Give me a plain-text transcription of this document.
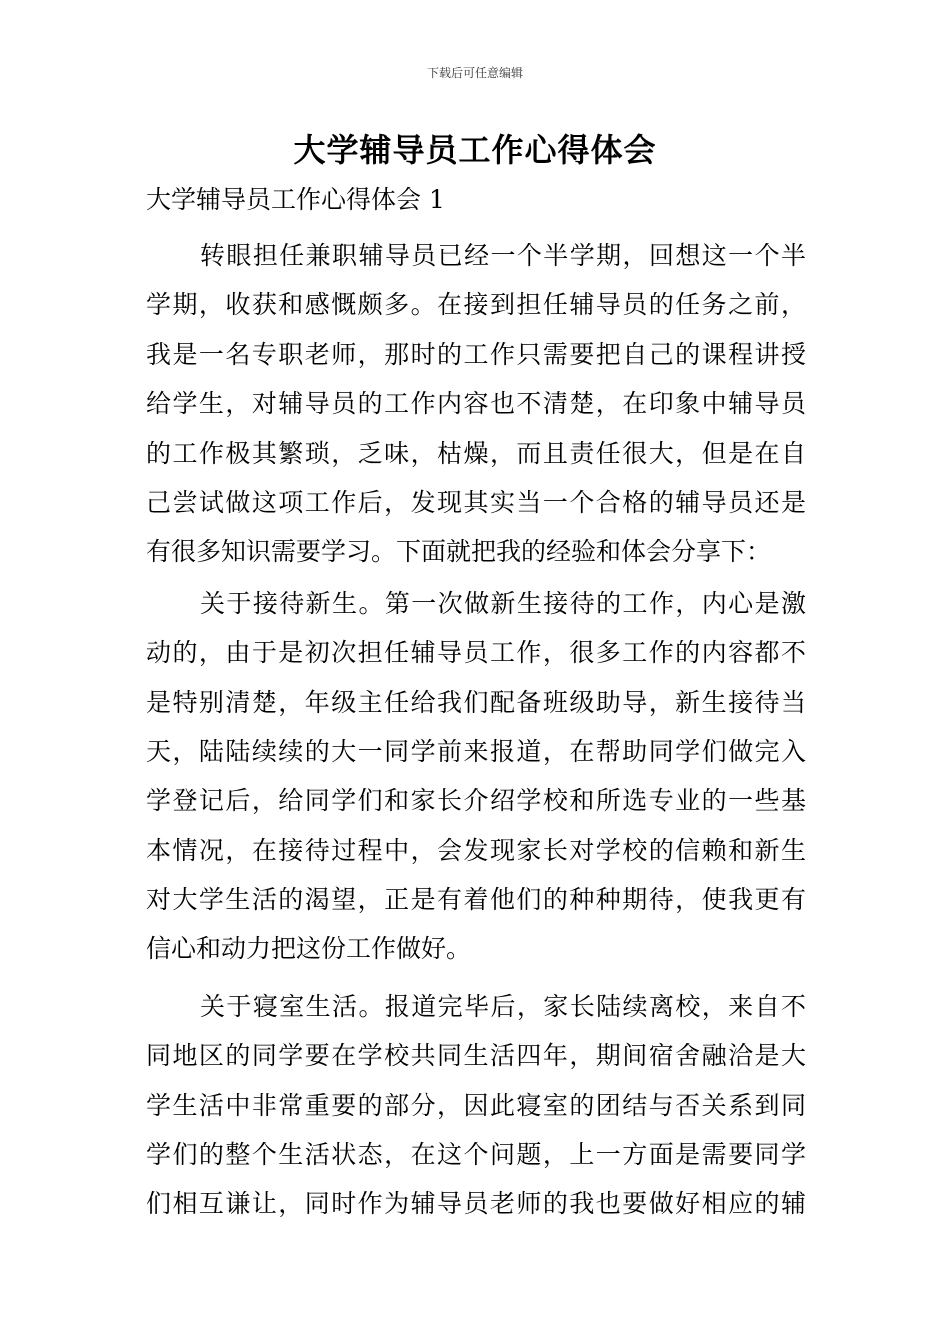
下载后可任意编辑
大学辅导员工作心得体会
大学辅导员工作心得体会 1
转眼担任兼职辅导员已经一个半学期，回想这一个半
学期，收获和感慨颇多。在接到担任辅导员的任务之前，
我是一名专职老师，那时的工作只需要把自己的课程讲授
给学生，对辅导员的工作内容也不清楚，在印象中辅导员
的工作极其繁琐，乏味，枯燥，而且责任很大，但是在自
己尝试做这项工作后，发现其实当一个合格的辅导员还是
有很多知识需要学习。下面就把我的经验和体会分享下：
关于接待新生。第一次做新生接待的工作，内心是激
动的，由于是初次担任辅导员工作，很多工作的内容都不
是特别清楚，年级主任给我们配备班级助导，新生接待当
天，陆陆续续的大一同学前来报道，在帮助同学们做完入
学登记后，给同学们和家长介绍学校和所选专业的一些基
本情况，在接待过程中，会发现家长对学校的信赖和新生
对大学生活的渴望，正是有着他们的种种期待，使我更有
信心和动力把这份工作做好。
关于寝室生活。报道完毕后，家长陆续离校，来自不
同地区的同学要在学校共同生活四年，期间宿舍融洽是大
学生活中非常重要的部分，因此寝室的团结与否关系到同
学们的整个生活状态，在这个问题，上一方面是需要同学
们相互谦让，同时作为辅导员老师的我也要做好相应的辅
